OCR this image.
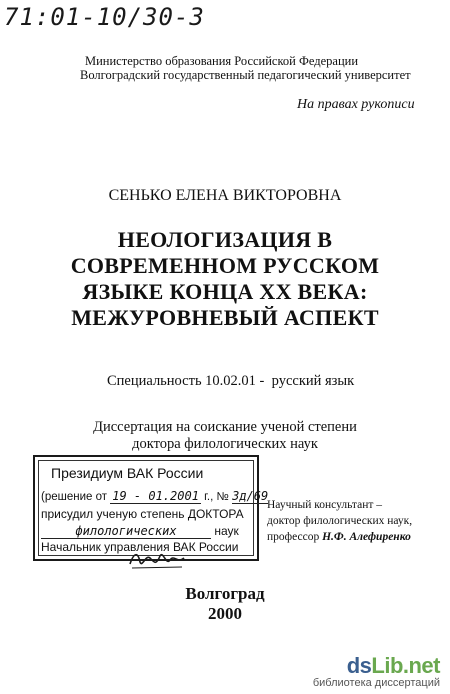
71:01-10/30-3
Министерство образования Российской Федерации
Волгоградский государственный педагогический университет
На правах рукописи
СЕНЬКО ЕЛЕНА ВИКТОРОВНА
НЕОЛОГИЗАЦИЯ В
СОВРЕМЕННОМ РУССКОМ
ЯЗЫКЕ КОНЦА XX ВЕКА:
МЕЖУРОВНЕВЫЙ АСПЕКТ
Специальность 10.02.01 -  русский язык
Диссертация на соискание ученой степени
доктора филологических наук
Президиум ВАК России
(решение от 19 - 01.2001 г., № 3д/69
присудил ученую степень ДОКТОРА
филологических	наук
Начальник управления ВАК России
Научный консультант –
доктор филологических наук,
профессор Н.Ф. Алефиренко
Волгоград
2000
dsLib.net
библиотека диссертаций
